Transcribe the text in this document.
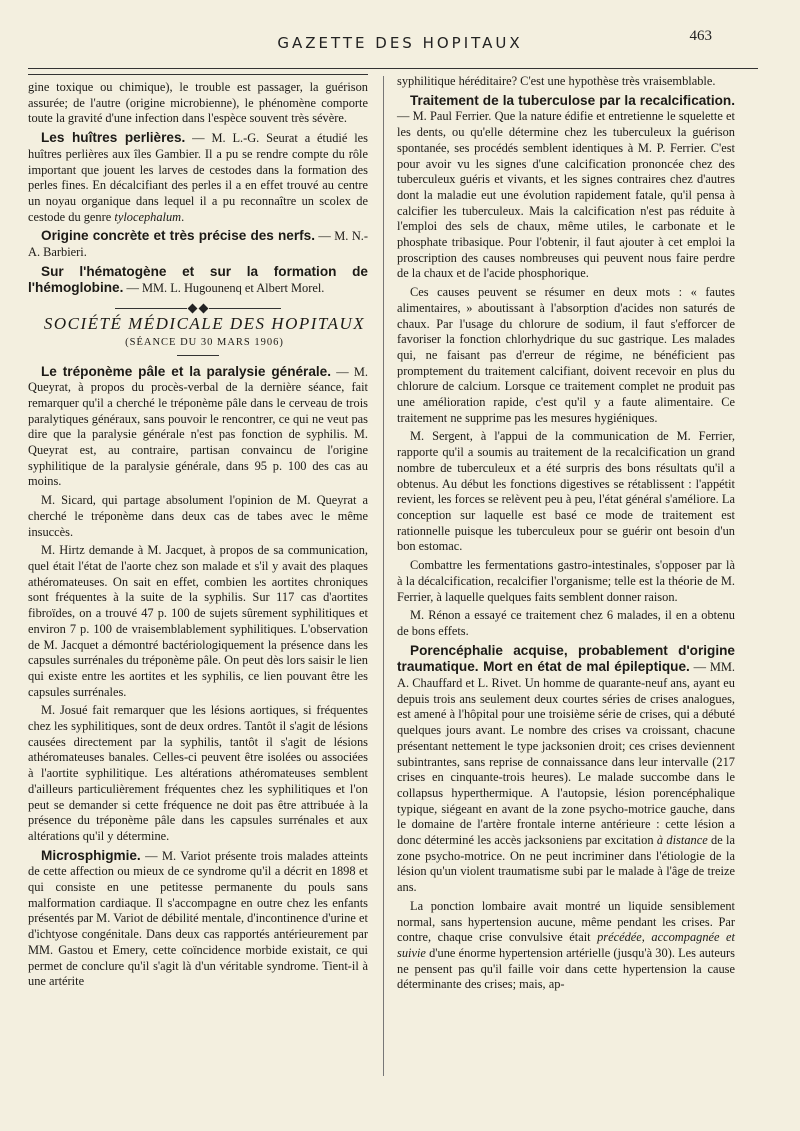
GAZETTE DES HOPITAUX	463

gine toxique ou chimique), le trouble est passager, la guérison assurée; de l'autre (origine microbienne), le phénomène comporte toute la gravité d'une infection dans l'espèce souvent très sévère.

Les huîtres perlières. — M. L.-G. Seurat a étudié les huîtres perlières aux îles Gambier. Il a pu se rendre compte du rôle important que jouent les larves de cestodes dans la formation des perles fines. En décalcifiant des perles il a en effet trouvé au centre un noyau organique dans lequel il a pu reconnaître un scolex de cestode du genre tylocephalum.

Origine concrète et très précise des nerfs. — M. N.-A. Barbieri.

Sur l'hématogène et sur la formation de l'hémoglobine. — MM. L. Hugounenq et Albert Morel.

SOCIÉTÉ MÉDICALE DES HOPITAUX

(SÉANCE DU 30 MARS 1906)

Le tréponème pâle et la paralysie générale. — M. Queyrat, à propos du procès-verbal de la dernière séance, fait remarquer qu'il a cherché le tréponème pâle dans le cerveau de trois paralytiques généraux, sans pouvoir le rencontrer, ce qui ne veut pas dire que la paralysie générale n'est pas fonction de syphilis. M. Queyrat est, au contraire, partisan convaincu de l'origine syphilitique de la paralysie générale, dans 95 p. 100 des cas au moins.

M. Sicard, qui partage absolument l'opinion de M. Queyrat a cherché le tréponème dans deux cas de tabes avec le même insuccès.

M. Hirtz demande à M. Jacquet, à propos de sa communication, quel était l'état de l'aorte chez son malade et s'il y avait des plaques athéromateuses. On sait en effet, combien les aortites chroniques sont fréquentes à la suite de la syphilis. Sur 117 cas d'aortites fibroïdes, on a trouvé 47 p. 100 de sujets sûrement syphilitiques et environ 7 p. 100 de vraisemblablement syphilitiques. L'observation de M. Jacquet a démontré bactériologiquement la présence dans les capsules surrénales du tréponème pâle. On peut dès lors saisir le lien qui existe entre les aortites et les syphilis, ce lien pouvant être les capsules surrénales.

M. Josué fait remarquer que les lésions aortiques, si fréquentes chez les syphilitiques, sont de deux ordres. Tantôt il s'agit de lésions causées directement par la syphilis, tantôt il s'agit de lésions athéromateuses banales. Celles-ci peuvent être isolées ou associées à l'aortite syphilitique. Les altérations athéromateuses semblent d'ailleurs particulièrement fréquentes chez les syphilitiques et l'on peut se demander si cette fréquence ne doit pas être attribuée à la présence du tréponème pâle dans les capsules surrénales et aux altérations qu'il y détermine.

Microsphigmie. — M. Variot présente trois malades atteints de cette affection ou mieux de ce syndrome qu'il a décrit en 1898 et qui consiste en une petitesse permanente du pouls sans malformation cardiaque. Il s'accompagne en outre chez les enfants présentés par M. Variot de débilité mentale, d'incontinence d'urine et d'ichtyose congénitale. Dans deux cas rapportés antérieurement par MM. Gastou et Emery, cette coïncidence morbide existait, ce qui permet de conclure qu'il s'agit là d'un véritable syndrome. Tient-il à une artérite

syphilitique héréditaire? C'est une hypothèse très vraisemblable.

Traitement de la tuberculose par la recalcification. — M. Paul Ferrier. Que la nature édifie et entretienne le squelette et les dents, ou qu'elle détermine chez les tuberculeux la guérison spontanée, ses procédés semblent identiques à M. P. Ferrier. C'est pour avoir vu les signes d'une calcification prononcée chez des tuberculeux guéris et vivants, et les signes contraires chez d'autres dont la maladie eut une évolution rapidement fatale, qu'il pensa à calcifier les tuberculeux. Mais la calcification n'est pas réduite à l'emploi des sels de chaux, même utiles, le carbonate et le phosphate tribasique. Pour l'obtenir, il faut ajouter à cet emploi la proscription des causes nombreuses qui peuvent nous faire perdre de la chaux et de l'acide phosphorique.

Ces causes peuvent se résumer en deux mots : « fautes alimentaires, » aboutissant à l'absorption d'acides non saturés de chaux. Par l'usage du chlorure de sodium, il faut s'efforcer de favoriser la fonction chlorhydrique du suc gastrique. Les malades qui, ne faisant pas d'erreur de régime, ne bénéficient pas promptement du traitement calcifiant, doivent recevoir en plus du chlorure de calcium. Lorsque ce traitement complet ne produit pas une amélioration rapide, c'est qu'il y a faute alimentaire. Ce traitement ne supprime pas les mesures hygiéniques.

M. Sergent, à l'appui de la communication de M. Ferrier, rapporte qu'il a soumis au traitement de la recalcification un grand nombre de tuberculeux et a été surpris des bons résultats qu'il a obtenus. Au début les fonctions digestives se rétablissent : l'appétit revient, les forces se relèvent peu à peu, l'état général s'améliore. La conception sur laquelle est basé ce mode de traitement est rationnelle puisque les tuberculeux pour se guérir ont besoin d'un bon estomac.

Combattre les fermentations gastro-intestinales, s'opposer par là à la décalcification, recalcifier l'organisme; telle est la théorie de M. Ferrier, à laquelle quelques faits semblent donner raison.

M. Rénon a essayé ce traitement chez 6 malades, il en a obtenu de bons effets.

Porencéphalie acquise, probablement d'origine traumatique. Mort en état de mal épileptique. — MM. A. Chauffard et L. Rivet. Un homme de quarante-neuf ans, ayant eu depuis trois ans seulement deux courtes séries de crises analogues, est amené à l'hôpital pour une troisième série de crises, qui a débuté quelques jours avant. Le nombre des crises va croissant, chacune présentant nettement le type jacksonien droit; ces crises deviennent subintrantes, sans reprise de connaissance dans leur intervalle (217 crises en cinquante-trois heures). Le malade succombe dans le collapsus hyperthermique. A l'autopsie, lésion porencéphalique typique, siégeant en avant de la zone psycho-motrice gauche, dans le domaine de l'artère frontale interne antérieure : cette lésion a donc déterminé les accès jacksoniens par excitation à distance de la zone psycho-motrice. On ne peut incriminer dans l'étiologie de la lésion qu'un violent traumatisme subi par le malade à l'âge de treize ans.

La ponction lombaire avait montré un liquide sensiblement normal, sans hypertension aucune, même pendant les crises. Par contre, chaque crise convulsive était précédée, accompagnée et suivie d'une énorme hypertension artérielle (jusqu'à 30). Les auteurs ne pensent pas qu'il faille voir dans cette hypertension la cause déterminante des crises; mais, ap-
